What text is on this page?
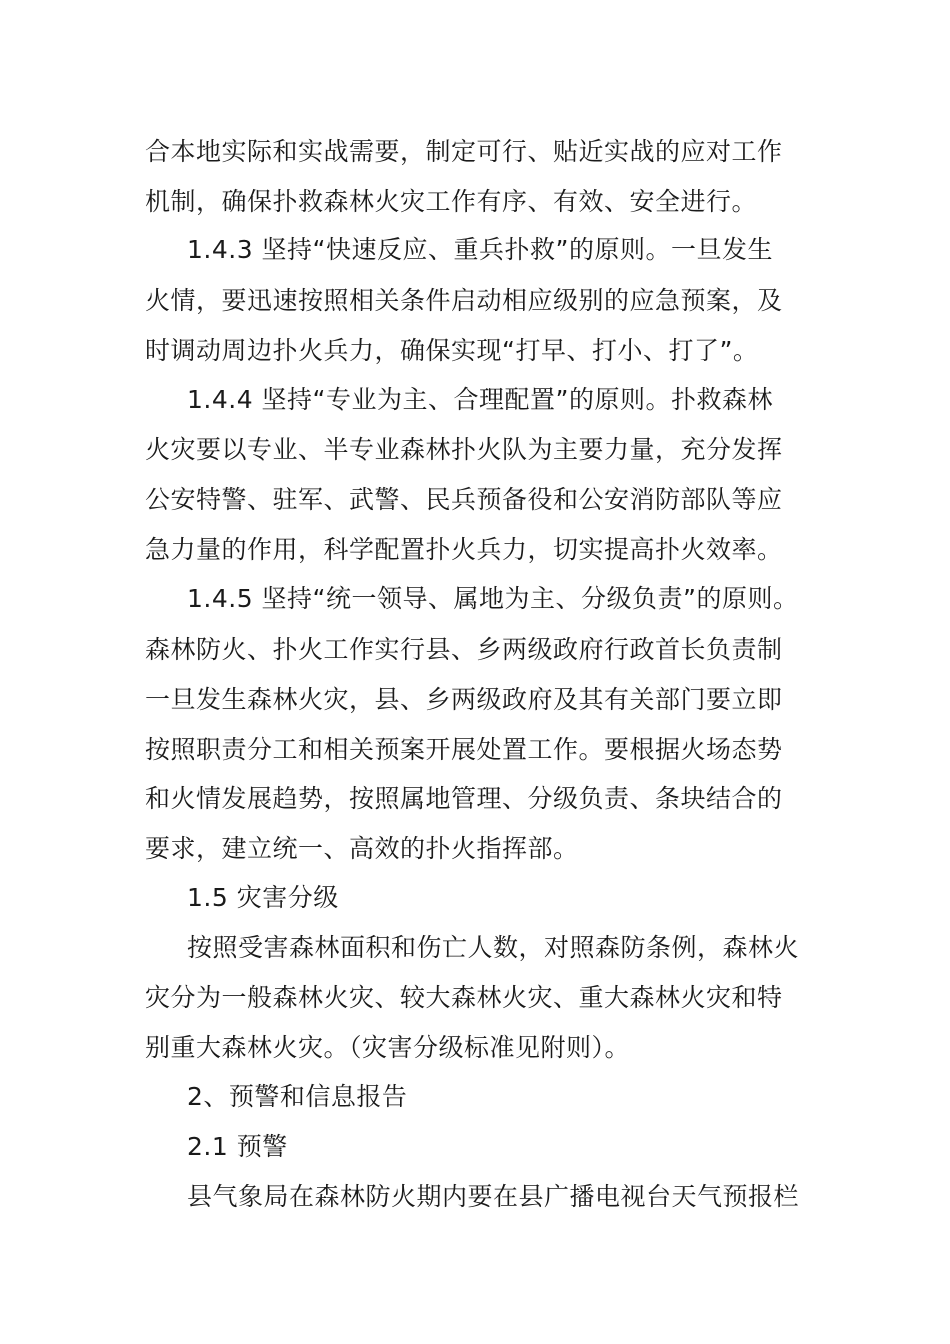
合本地实际和实战需要，制定可行、贴近实战的应对工作

机制，确保扑救森林火灾工作有序、有效、安全进行。

1.4.3 坚持“快速反应、重兵扑救”的原则。一旦发生

火情，要迅速按照相关条件启动相应级别的应急预案，及

时调动周边扑火兵力，确保实现“打早、打小、打了”。

1.4.4 坚持“专业为主、合理配置”的原则。扑救森林

火灾要以专业、半专业森林扑火队为主要力量，充分发挥

公安特警、驻军、武警、民兵预备役和公安消防部队等应

急力量的作用，科学配置扑火兵力，切实提高扑火效率。

1.4.5 坚持“统一领导、属地为主、分级负责”的原则。

森林防火、扑火工作实行县、乡两级政府行政首长负责制

一旦发生森林火灾，县、乡两级政府及其有关部门要立即

按照职责分工和相关预案开展处置工作。要根据火场态势

和火情发展趋势，按照属地管理、分级负责、条块结合的

要求，建立统一、高效的扑火指挥部。

1.5 灾害分级

按照受害森林面积和伤亡人数，对照森防条例，森林火

灾分为一般森林火灾、较大森林火灾、重大森林火灾和特

别重大森林火灾。（灾害分级标准见附则）。

2、预警和信息报告

2.1 预警

县气象局在森林防火期内要在县广播电视台天气预报栏
